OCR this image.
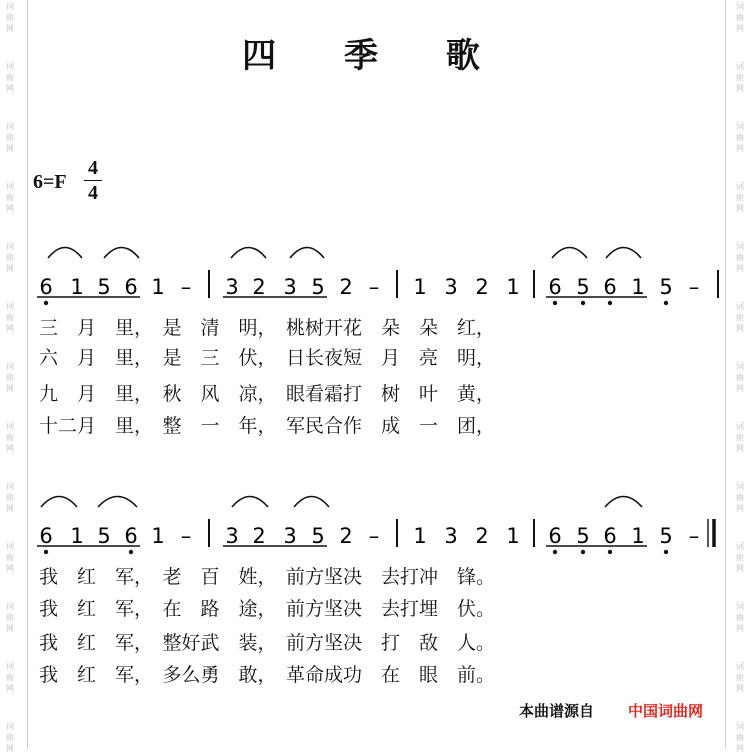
词
曲
网
词
曲
网
词
曲
网
词
曲
网
词
曲
网
词
曲
网
词
曲
网
词
曲
网
词
曲
网
词
曲
网
词
曲
网
词
曲
网
词
曲
网
词
曲
网
词
曲
网
词
曲
网
词
曲
网
词
曲
网
词
曲
网
词
曲
网
词
曲
网
词
曲
网
词
曲
网
词
曲
网
词
曲
网
词
曲
网
四 季 歌
6=F
4
4
6 1 5 6 1 – 3 2 3 5 2 – 1 3 2 1 6 5 6 1 5 –
6 1 5 6 1 – 3 2 3 5 2 – 1 3 2 1 6 5 6 1 5 –
三　月　里，　是　清　明，　桃树开花　朵　朵　红，
六　月　里，　是　三　伏，　日长夜短　月　亮　明，
九　月　里，　秋　风　凉，　眼看霜打　树　叶　黄，
十二月　里，　整　一　年，　军民合作　成　一　团，
我　红　军，　老　百　姓，　前方坚决　去打冲　锋。
我　红　军，　在　路　途，　前方坚决　去打埋　伏。
我　红　军，　整好武　装，　前方坚决　打　敌　人。
我　红　军，　多么勇　敢，　革命成功　在　眼　前。
本曲谱源自 中国词曲网
